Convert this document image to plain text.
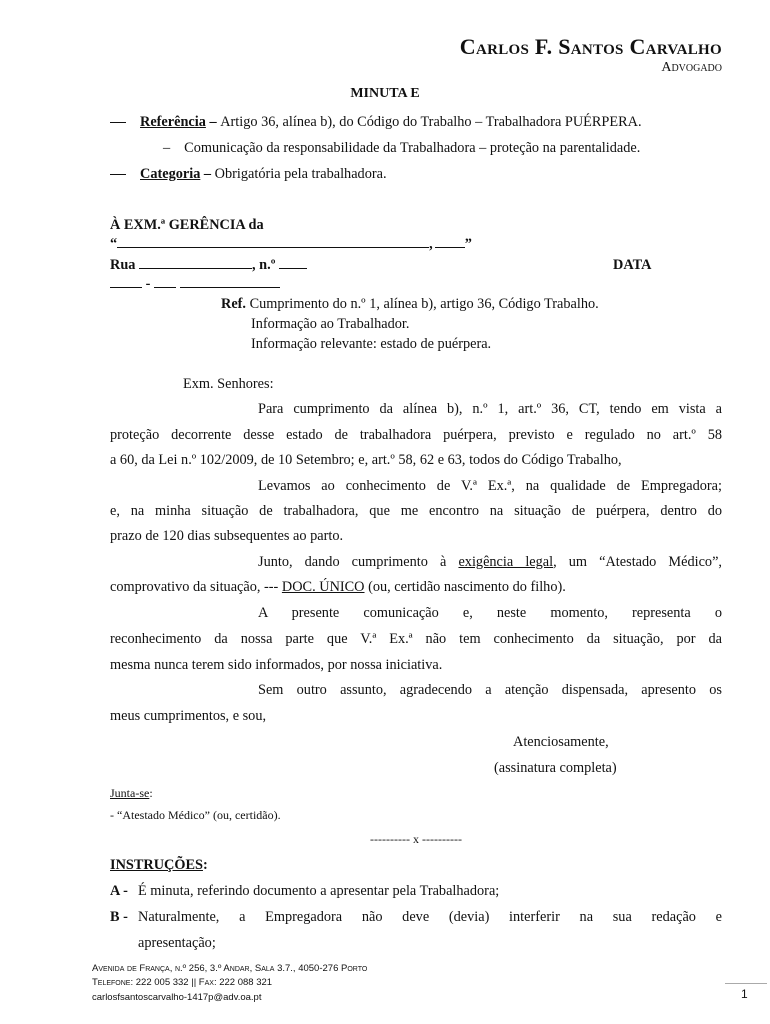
Carlos F. Santos Carvalho
Advogado
MINUTA E
Referência – Artigo 36, alínea b), do Código do Trabalho – Trabalhadora PUÉRPERA.
– Comunicação da responsabilidade da Trabalhadora – proteção na parentalidade.
Categoria – Obrigatória pela trabalhadora.
À EXM.ª GERÊNCIA da
“	, ”
Rua	, n.º	DATA
-
Ref. Cumprimento do n.º 1, alínea b), artigo 36, Código Trabalho.
Informação ao Trabalhador.
Informação relevante: estado de puérpera.
Exm. Senhores:
Para cumprimento da alínea b), n.º 1, art.º 36, CT, tendo em vista a
proteção decorrente desse estado de trabalhadora puérpera, previsto e regulado no art.º 58
a 60, da Lei n.º 102/2009, de 10 Setembro; e, art.º 58, 62 e 63, todos do Código Trabalho,
Levamos ao conhecimento de V.ª Ex.ª, na qualidade de Empregadora;
e, na minha situação de trabalhadora, que me encontro na situação de puérpera, dentro do
prazo de 120 dias subsequentes ao parto.
Junto, dando cumprimento à exigência legal, um “Atestado Médico”,
comprovativo da situação, --- DOC. ÚNICO (ou, certidão nascimento do filho).
A presente comunicação e, neste momento, representa o
reconhecimento da nossa parte que V.ª Ex.ª não tem conhecimento da situação, por da
mesma nunca terem sido informados, por nossa iniciativa.
Sem outro assunto, agradecendo a atenção dispensada, apresento os
meus cumprimentos, e sou,
Atenciosamente,
(assinatura completa)
Junta-se:
- “Atestado Médico” (ou, certidão).
---------- x ----------
INSTRUÇÕES:
A - É minuta, referindo documento a apresentar pela Trabalhadora;
B - Naturalmente, a Empregadora não deve (devia) interferir na sua redação e
apresentação;
Avenida de França, n.º 256, 3.º Andar, Sala 3.7., 4050-276 Porto
Telefone: 222 005 332 || Fax: 222 088 321
carlosfsantoscarvalho-1417p@adv.oa.pt	1
